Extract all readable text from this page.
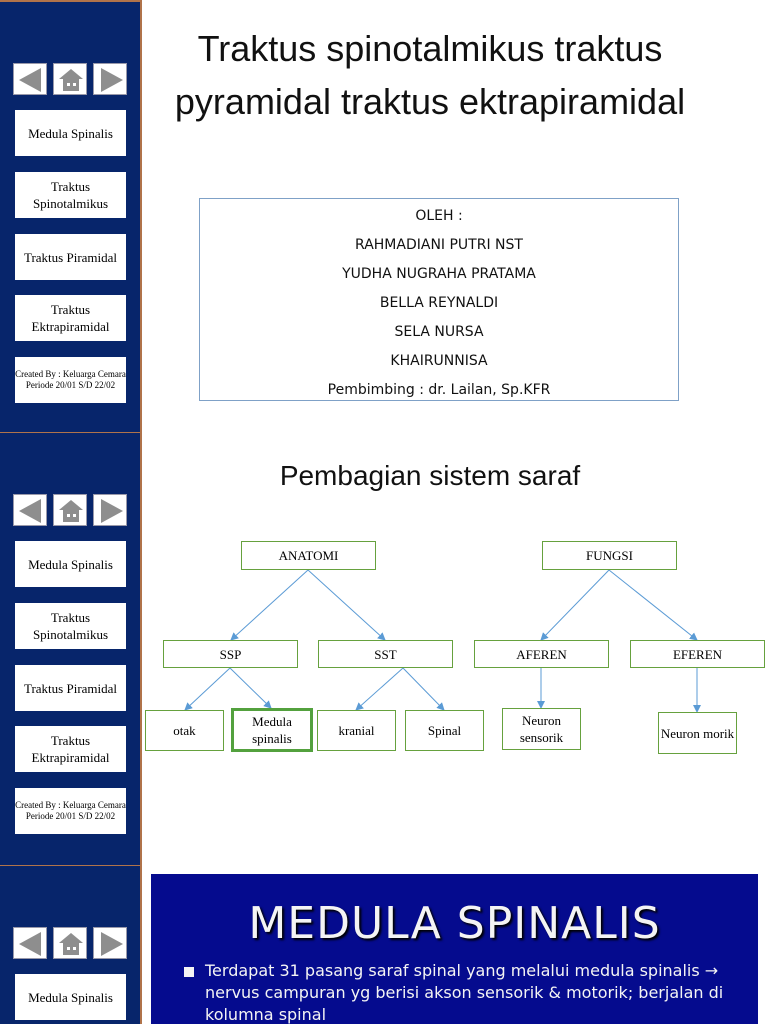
Medula Spinalis
Traktus Spinotalmikus
Traktus Piramidal
Traktus Ektrapiramidal
Created By : Keluarga Cemara Periode 20/01 S/D 22/02
Medula Spinalis
Traktus Spinotalmikus
Traktus Piramidal
Traktus Ektrapiramidal
Created By : Keluarga Cemara Periode 20/01 S/D 22/02
Medula Spinalis
Traktus spinotalmikus traktus pyramidal traktus ektrapiramidal
OLEH :
RAHMADIANI PUTRI NST
YUDHA NUGRAHA PRATAMA
BELLA REYNALDI
SELA NURSA
KHAIRUNNISA
Pembimbing : dr. Lailan, Sp.KFR
Pembagian sistem saraf
ANATOMI	FUNGSI
SSP	SST	AFEREN	EFEREN
otak
Medula spinalis
kranial	Spinal
Neuron sensorik	Neuron morik
MEDULA SPINALIS
Terdapat 31 pasang saraf spinal yang melalui medula spinalis → nervus campuran yg berisi akson sensorik & motorik; berjalan di kolumna spinal
